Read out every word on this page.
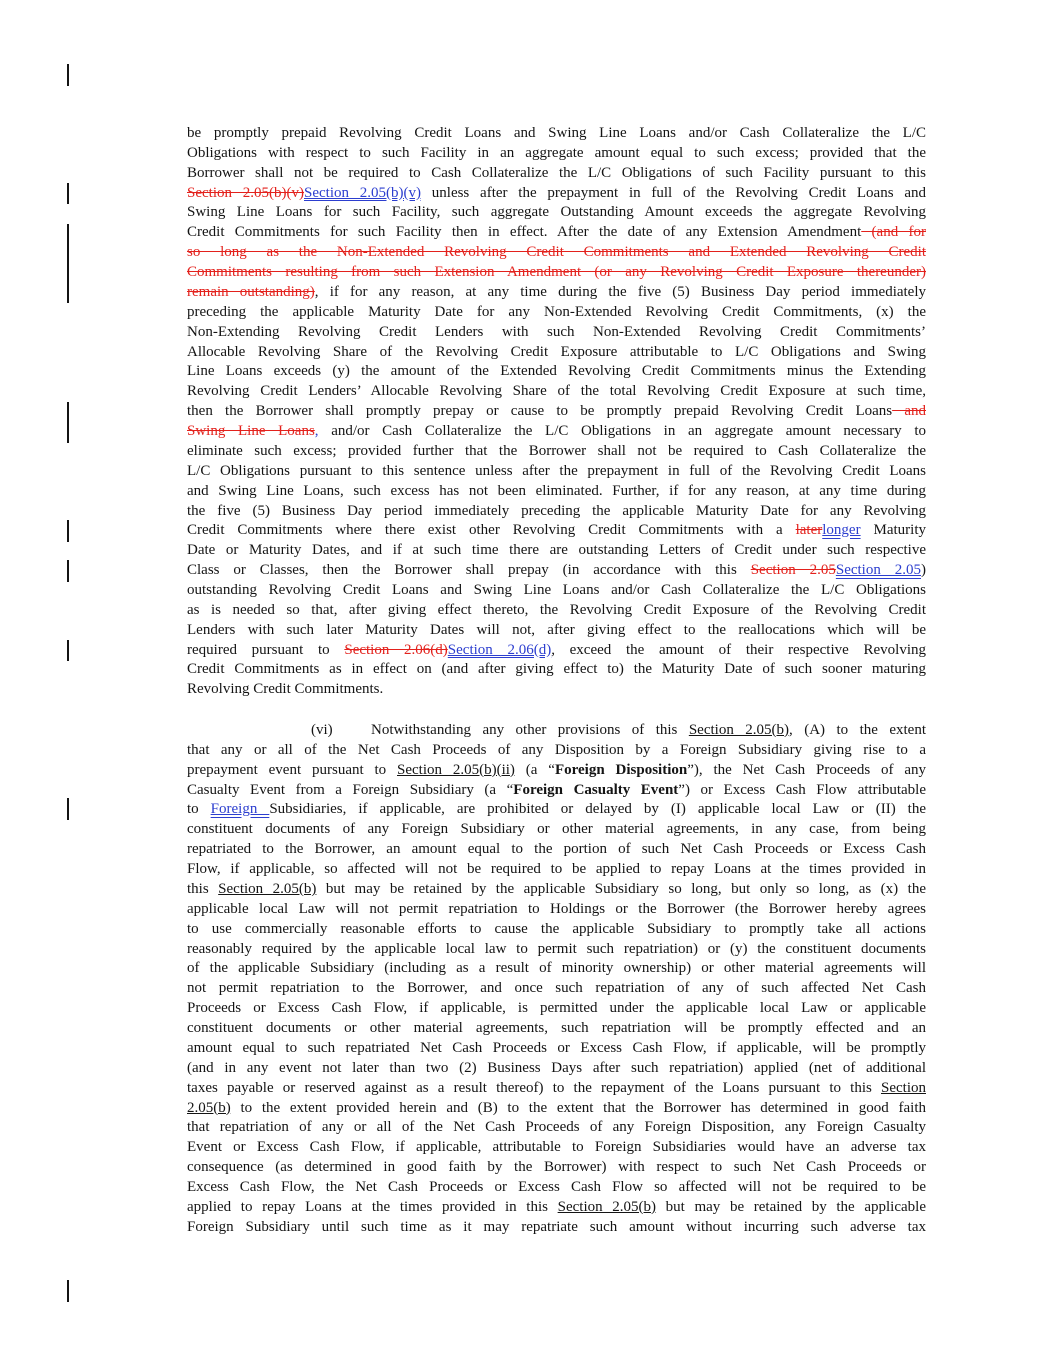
be promptly prepaid Revolving Credit Loans and Swing Line Loans and/or Cash Collateralize the L/C
Obligations with respect to such Facility in an aggregate amount equal to such excess; provided that the
Borrower shall not be required to Cash Collateralize the L/C Obligations of such Facility pursuant to this
Section 2.05(b)(v)Section 2.05(b)(v) unless after the prepayment in full of the Revolving Credit Loans and
Swing Line Loans for such Facility, such aggregate Outstanding Amount exceeds the aggregate Revolving
Credit Commitments for such Facility then in effect. After the date of any Extension Amendment (and for
so long as the Non-Extended Revolving Credit Commitments and Extended Revolving Credit
Commitments resulting from such Extension Amendment (or any Revolving Credit Exposure thereunder)
remain outstanding), if for any reason, at any time during the five (5) Business Day period immediately
preceding the applicable Maturity Date for any Non-Extended Revolving Credit Commitments, (x) the
Non-Extending Revolving Credit Lenders with such Non-Extended Revolving Credit Commitments’
Allocable Revolving Share of the Revolving Credit Exposure attributable to L/C Obligations and Swing
Line Loans exceeds (y) the amount of the Extended Revolving Credit Commitments minus the Extending
Revolving Credit Lenders’ Allocable Revolving Share of the total Revolving Credit Exposure at such time,
then the Borrower shall promptly prepay or cause to be promptly prepaid Revolving Credit Loans and
Swing Line Loans, and/or Cash Collateralize the L/C Obligations in an aggregate amount necessary to
eliminate such excess; provided further that the Borrower shall not be required to Cash Collateralize the
L/C Obligations pursuant to this sentence unless after the prepayment in full of the Revolving Credit Loans
and Swing Line Loans, such excess has not been eliminated. Further, if for any reason, at any time during
the five (5) Business Day period immediately preceding the applicable Maturity Date for any Revolving
Credit Commitments where there exist other Revolving Credit Commitments with a laterlonger Maturity
Date or Maturity Dates, and if at such time there are outstanding Letters of Credit under such respective
Class or Classes, then the Borrower shall prepay (in accordance with this Section 2.05Section 2.05)
outstanding Revolving Credit Loans and Swing Line Loans and/or Cash Collateralize the L/C Obligations
as is needed so that, after giving effect thereto, the Revolving Credit Exposure of the Revolving Credit
Lenders with such later Maturity Dates will not, after giving effect to the reallocations which will be
required pursuant to Section 2.06(d)Section 2.06(d), exceed the amount of their respective Revolving
Credit Commitments as in effect on (and after giving effect to) the Maturity Date of such sooner maturing
Revolving Credit Commitments.
(vi)	Notwithstanding any other provisions of this Section 2.05(b), (A) to the extent
that any or all of the Net Cash Proceeds of any Disposition by a Foreign Subsidiary giving rise to a
prepayment event pursuant to Section 2.05(b)(ii) (a “Foreign Disposition”), the Net Cash Proceeds of any
Casualty Event from a Foreign Subsidiary (a “Foreign Casualty Event”) or Excess Cash Flow attributable
to Foreign Subsidiaries, if applicable, are prohibited or delayed by (I) applicable local Law or (II) the
constituent documents of any Foreign Subsidiary or other material agreements, in any case, from being
repatriated to the Borrower, an amount equal to the portion of such Net Cash Proceeds or Excess Cash
Flow, if applicable, so affected will not be required to be applied to repay Loans at the times provided in
this Section 2.05(b) but may be retained by the applicable Subsidiary so long, but only so long, as (x) the
applicable local Law will not permit repatriation to Holdings or the Borrower (the Borrower hereby agrees
to use commercially reasonable efforts to cause the applicable Subsidiary to promptly take all actions
reasonably required by the applicable local law to permit such repatriation) or (y) the constituent documents
of the applicable Subsidiary (including as a result of minority ownership) or other material agreements will
not permit repatriation to the Borrower, and once such repatriation of any of such affected Net Cash
Proceeds or Excess Cash Flow, if applicable, is permitted under the applicable local Law or applicable
constituent documents or other material agreements, such repatriation will be promptly effected and an
amount equal to such repatriated Net Cash Proceeds or Excess Cash Flow, if applicable, will be promptly
(and in any event not later than two (2) Business Days after such repatriation) applied (net of additional
taxes payable or reserved against as a result thereof) to the repayment of the Loans pursuant to this Section
2.05(b) to the extent provided herein and (B) to the extent that the Borrower has determined in good faith
that repatriation of any or all of the Net Cash Proceeds of any Foreign Disposition, any Foreign Casualty
Event or Excess Cash Flow, if applicable, attributable to Foreign Subsidiaries would have an adverse tax
consequence (as determined in good faith by the Borrower) with respect to such Net Cash Proceeds or
Excess Cash Flow, the Net Cash Proceeds or Excess Cash Flow so affected will not be required to be
applied to repay Loans at the times provided in this Section 2.05(b) but may be retained by the applicable
Foreign Subsidiary until such time as it may repatriate such amount without incurring such adverse tax
